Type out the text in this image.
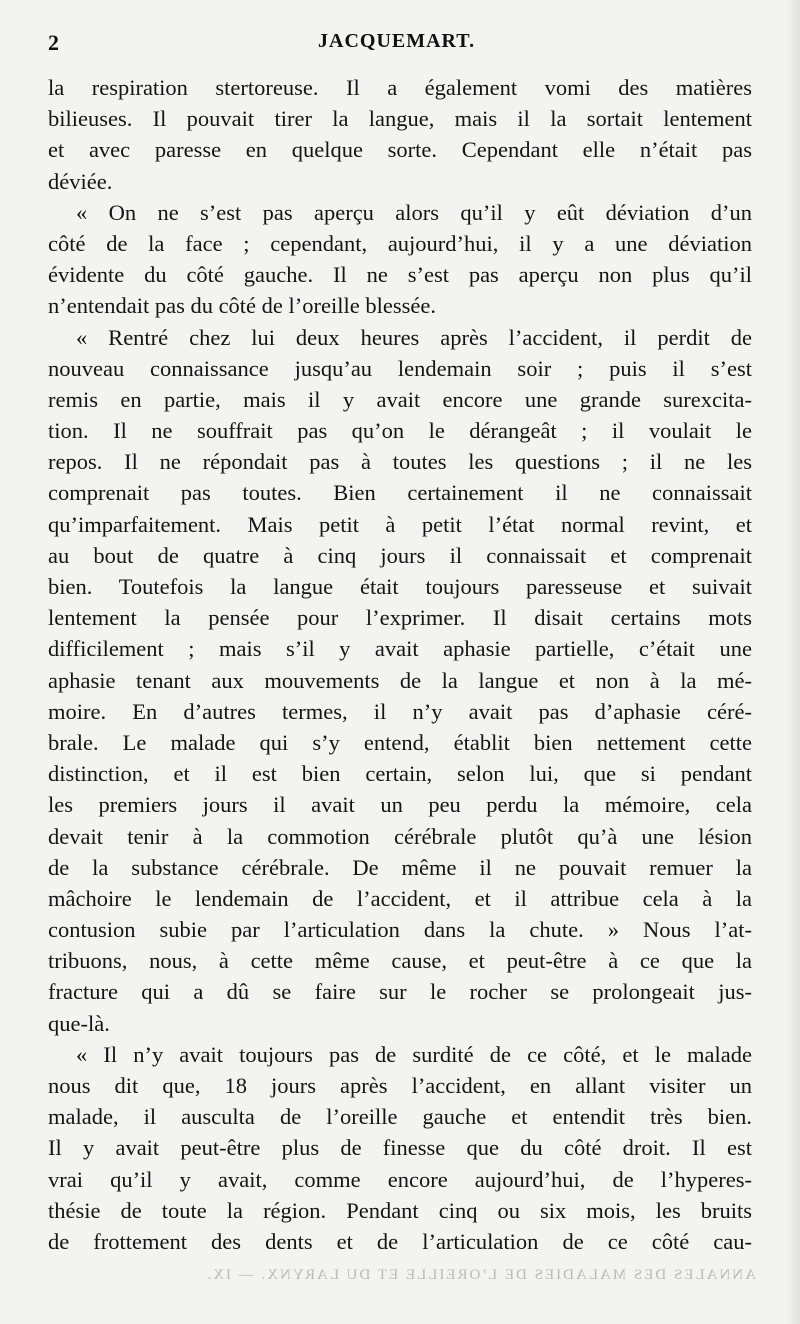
2	JACQUEMART.
la respiration stertoreuse. Il a également vomi des matières
bilieuses. Il pouvait tirer la langue, mais il la sortait lentement
et avec paresse en quelque sorte. Cependant elle n’était pas
déviée.
« On ne s’est pas aperçu alors qu’il y eût déviation d’un
côté de la face ; cependant, aujourd’hui, il y a une déviation
évidente du côté gauche. Il ne s’est pas aperçu non plus qu’il
n’entendait pas du côté de l’oreille blessée.
« Rentré chez lui deux heures après l’accident, il perdit de
nouveau connaissance jusqu’au lendemain soir ; puis il s’est
remis en partie, mais il y avait encore une grande surexcita-
tion. Il ne souffrait pas qu’on le dérangeât ; il voulait le
repos. Il ne répondait pas à toutes les questions ; il ne les
comprenait pas toutes. Bien certainement il ne connaissait
qu’imparfaitement. Mais petit à petit l’état normal revint, et
au bout de quatre à cinq jours il connaissait et comprenait
bien. Toutefois la langue était toujours paresseuse et suivait
lentement la pensée pour l’exprimer. Il disait certains mots
difficilement ; mais s’il y avait aphasie partielle, c’était une
aphasie tenant aux mouvements de la langue et non à la mé-
moire. En d’autres termes, il n’y avait pas d’aphasie céré-
brale. Le malade qui s’y entend, établit bien nettement cette
distinction, et il est bien certain, selon lui, que si pendant
les premiers jours il avait un peu perdu la mémoire, cela
devait tenir à la commotion cérébrale plutôt qu’à une lésion
de la substance cérébrale. De même il ne pouvait remuer la
mâchoire le lendemain de l’accident, et il attribue cela à la
contusion subie par l’articulation dans la chute. » Nous l’at-
tribuons, nous, à cette même cause, et peut-être à ce que la
fracture qui a dû se faire sur le rocher se prolongeait jus-
que-là.
« Il n’y avait toujours pas de surdité de ce côté, et le malade
nous dit que, 18 jours après l’accident, en allant visiter un
malade, il ausculta de l’oreille gauche et entendit très bien.
Il y avait peut-être plus de finesse que du côté droit. Il est
vrai qu’il y avait, comme encore aujourd’hui, de l’hyperes-
thésie de toute la région. Pendant cinq ou six mois, les bruits
de frottement des dents et de l’articulation de ce côté cau-
ANNALES DES MALADIES DE L’OREILLE ET DU LARYNX. — IX.
